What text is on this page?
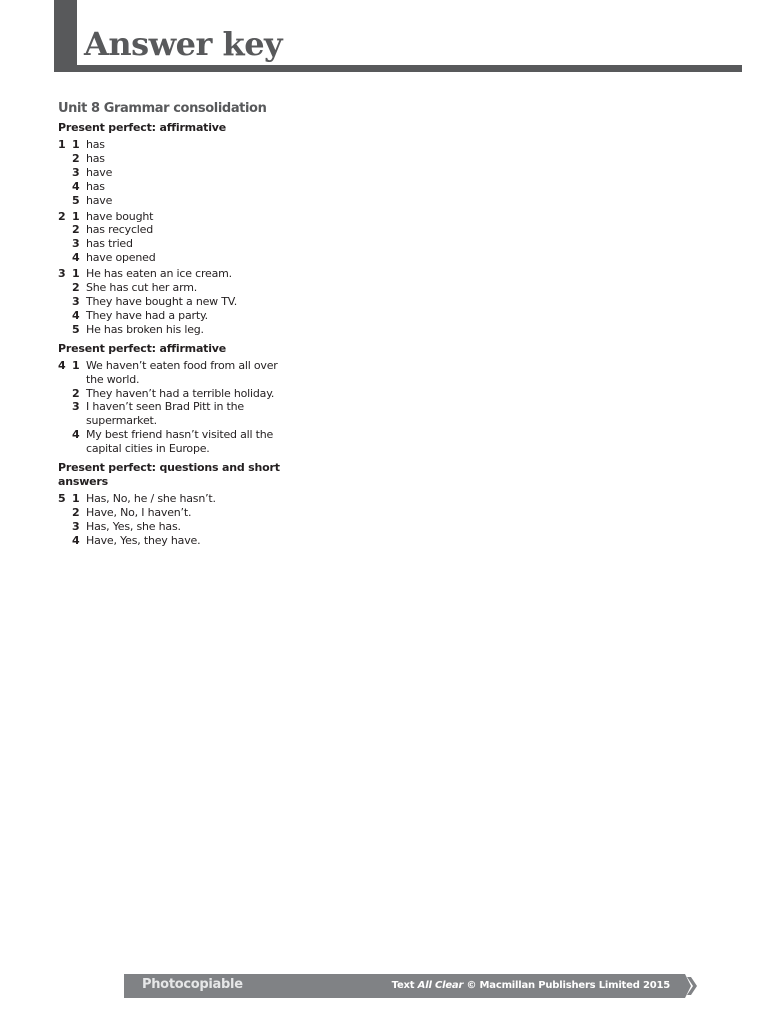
Answer key
Unit 8 Grammar consolidation
Present perfect: affirmative
1 1 has
2 has
3 have
4 has
5 have
2 1 have bought
2 has recycled
3 has tried
4 have opened
3 1 He has eaten an ice cream.
2 She has cut her arm.
3 They have bought a new TV.
4 They have had a party.
5 He has broken his leg.
Present perfect: affirmative
4 1 We haven’t eaten food from all over the world.
2 They haven’t had a terrible holiday.
3 I haven’t seen Brad Pitt in the supermarket.
4 My best friend hasn’t visited all the capital cities in Europe.
Present perfect: questions and short answers
5 1 Has, No, he / she hasn’t.
2 Have, No, I haven’t.
3 Has, Yes, she has.
4 Have, Yes, they have.
Photocopiable	Text All Clear © Macmillan Publishers Limited 2015
